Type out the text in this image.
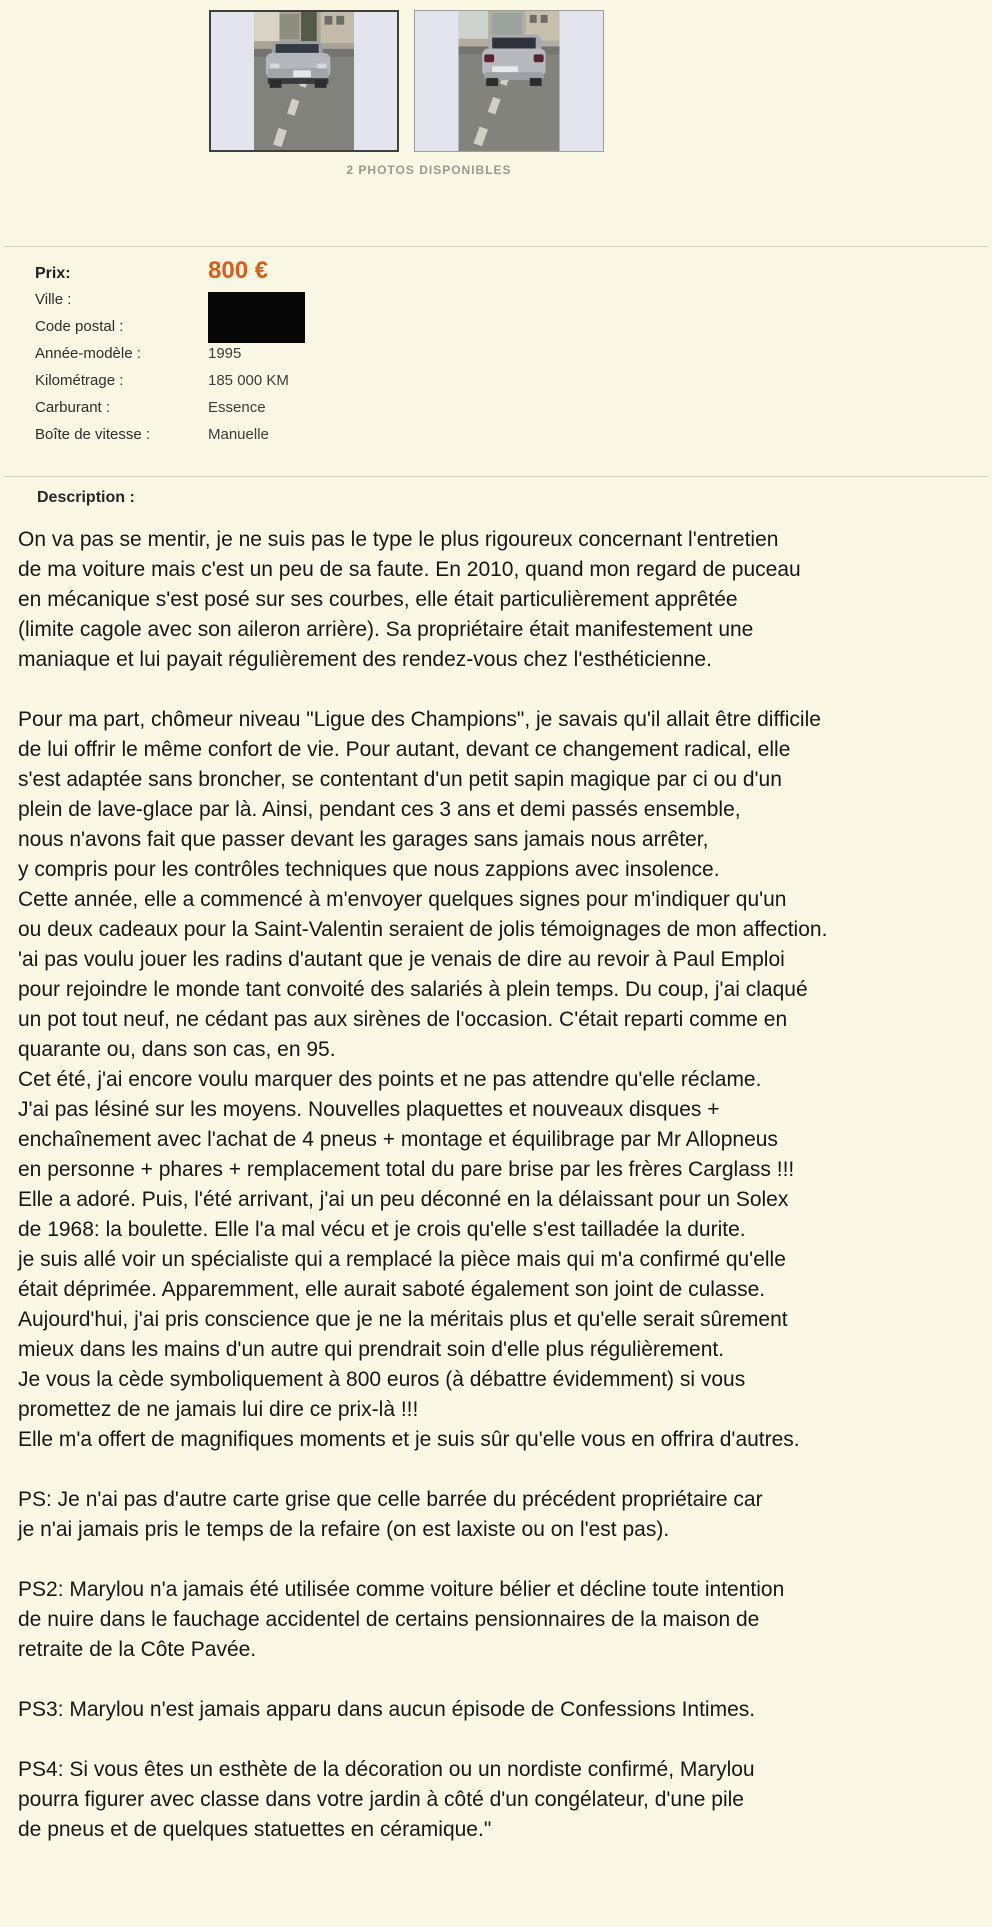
2 PHOTOS DISPONIBLES
Prix:	800 €
Ville :
Code postal :
Année-modèle :	1995
Kilométrage :	185 000 KM
Carburant :	Essence
Boîte de vitesse :	Manuelle
Description :
On va pas se mentir, je ne suis pas le type le plus rigoureux concernant l'entretien
de ma voiture mais c'est un peu de sa faute. En 2010, quand mon regard de puceau
en mécanique s'est posé sur ses courbes, elle était particulièrement apprêtée
(limite cagole avec son aileron arrière). Sa propriétaire était manifestement une
maniaque et lui payait régulièrement des rendez-vous chez l'esthéticienne.
Pour ma part, chômeur niveau "Ligue des Champions", je savais qu'il allait être difficile
de lui offrir le même confort de vie. Pour autant, devant ce changement radical, elle
s'est adaptée sans broncher, se contentant d'un petit sapin magique par ci ou d'un
plein de lave-glace par là. Ainsi, pendant ces 3 ans et demi passés ensemble,
nous n'avons fait que passer devant les garages sans jamais nous arrêter,
y compris pour les contrôles techniques que nous zappions avec insolence.
Cette année, elle a commencé à m'envoyer quelques signes pour m'indiquer qu'un
ou deux cadeaux pour la Saint-Valentin seraient de jolis témoignages de mon affection.
'ai pas voulu jouer les radins d'autant que je venais de dire au revoir à Paul Emploi
pour rejoindre le monde tant convoité des salariés à plein temps. Du coup, j'ai claqué
un pot tout neuf, ne cédant pas aux sirènes de l'occasion. C'était reparti comme en
quarante ou, dans son cas, en 95.
Cet été, j'ai encore voulu marquer des points et ne pas attendre qu'elle réclame.
J'ai pas lésiné sur les moyens. Nouvelles plaquettes et nouveaux disques +
enchaînement avec l'achat de 4 pneus + montage et équilibrage par Mr Allopneus
en personne + phares + remplacement total du pare brise par les frères Carglass !!!
Elle a adoré. Puis, l'été arrivant, j'ai un peu déconné en la délaissant pour un Solex
de 1968: la boulette. Elle l'a mal vécu et je crois qu'elle s'est tailladée la durite.
je suis allé voir un spécialiste qui a remplacé la pièce mais qui m'a confirmé qu'elle
était déprimée. Apparemment, elle aurait saboté également son joint de culasse.
Aujourd'hui, j'ai pris conscience que je ne la méritais plus et qu'elle serait sûrement
mieux dans les mains d'un autre qui prendrait soin d'elle plus régulièrement.
Je vous la cède symboliquement à 800 euros (à débattre évidemment) si vous
promettez de ne jamais lui dire ce prix-là !!!
Elle m'a offert de magnifiques moments et je suis sûr qu'elle vous en offrira d'autres.
PS: Je n'ai pas d'autre carte grise que celle barrée du précédent propriétaire car
je n'ai jamais pris le temps de la refaire (on est laxiste ou on l'est pas).
PS2: Marylou n'a jamais été utilisée comme voiture bélier et décline toute intention
de nuire dans le fauchage accidentel de certains pensionnaires de la maison de
retraite de la Côte Pavée.
PS3: Marylou n'est jamais apparu dans aucun épisode de Confessions Intimes.
PS4: Si vous êtes un esthète de la décoration ou un nordiste confirmé, Marylou
pourra figurer avec classe dans votre jardin à côté d'un congélateur, d'une pile
de pneus et de quelques statuettes en céramique."
